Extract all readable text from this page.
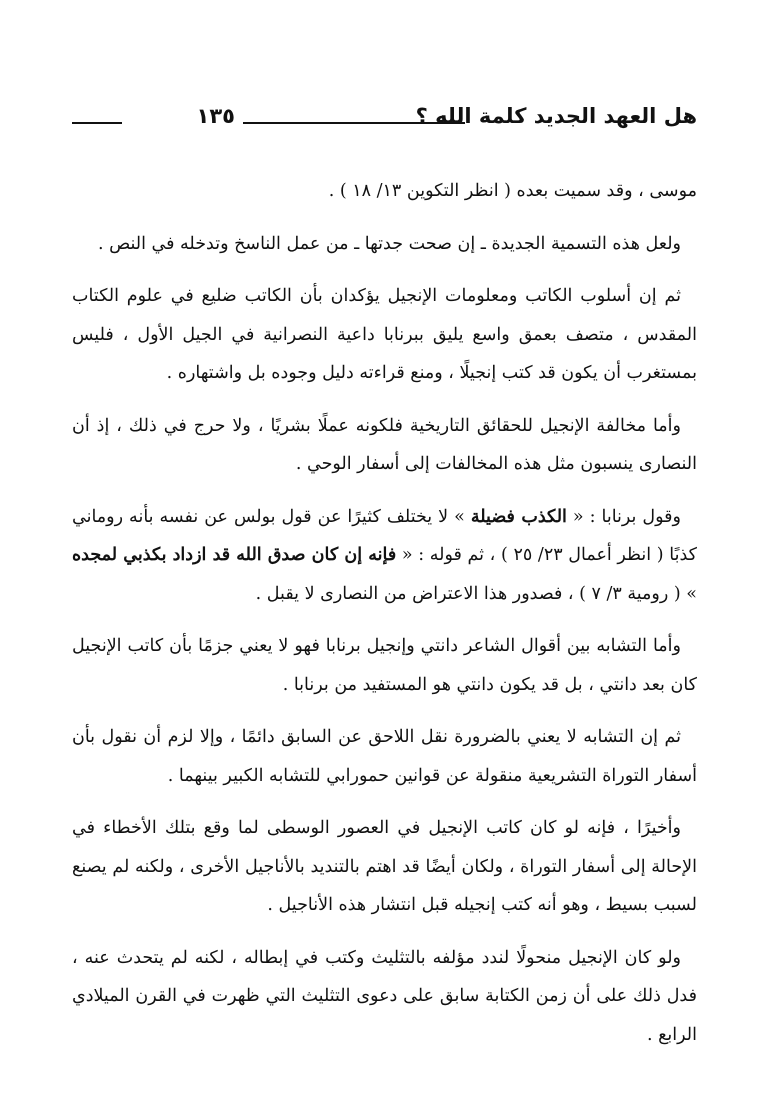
هل العهد الجديد كلمة الله ؟
١٣٥

موسى ، وقد سميت بعده ( انظر التكوين ١٣/ ١٨ ) .

ولعل هذه التسمية الجديدة ـ إن صحت جدتها ـ من عمل الناسخ وتدخله في النص .

ثم إن أسلوب الكاتب ومعلومات الإنجيل يؤكدان بأن الكاتب ضليع في علوم الكتاب المقدس ، متصف بعمق واسع يليق ببرنابا داعية النصرانية في الجيل الأول ، فليس بمستغرب أن يكون قد كتب إنجيلًا ، ومنع قراءته دليل وجوده بل واشتهاره .

وأما مخالفة الإنجيل للحقائق التاريخية فلكونه عملًا بشريًا ، ولا حرج في ذلك ، إذ أن النصارى ينسبون مثل هذه المخالفات إلى أسفار الوحي .

وقول برنابا : « الكذب فضيلة » لا يختلف كثيرًا عن قول بولس عن نفسه بأنه روماني كذبًا ( انظر أعمال ٢٣/ ٢٥ ) ، ثم قوله : « فإنه إن كان صدق الله قد ازداد بكذبي لمجده » ( رومية ٣/ ٧ ) ، فصدور هذا الاعتراض من النصارى لا يقبل .

وأما التشابه بين أقوال الشاعر دانتي وإنجيل برنابا فهو لا يعني جزمًا بأن كاتب الإنجيل كان بعد دانتي ، بل قد يكون دانتي هو المستفيد من برنابا .

ثم إن التشابه لا يعني بالضرورة نقل اللاحق عن السابق دائمًا ، وإلا لزم أن نقول بأن أسفار التوراة التشريعية منقولة عن قوانين حمورابي للتشابه الكبير بينهما .

وأخيرًا ، فإنه لو كان كاتب الإنجيل في العصور الوسطى لما وقع بتلك الأخطاء في الإحالة إلى أسفار التوراة ، ولكان أيضًا قد اهتم بالتنديد بالأناجيل الأخرى ، ولكنه لم يصنع لسبب بسيط ، وهو أنه كتب إنجيله قبل انتشار هذه الأناجيل .

ولو كان الإنجيل منحولًا لندد مؤلفه بالتثليث وكتب في إبطاله ، لكنه لم يتحدث عنه ، فدل ذلك على أن زمن الكتابة سابق على دعوى التثليث التي ظهرت في القرن الميلادي الرابع .
